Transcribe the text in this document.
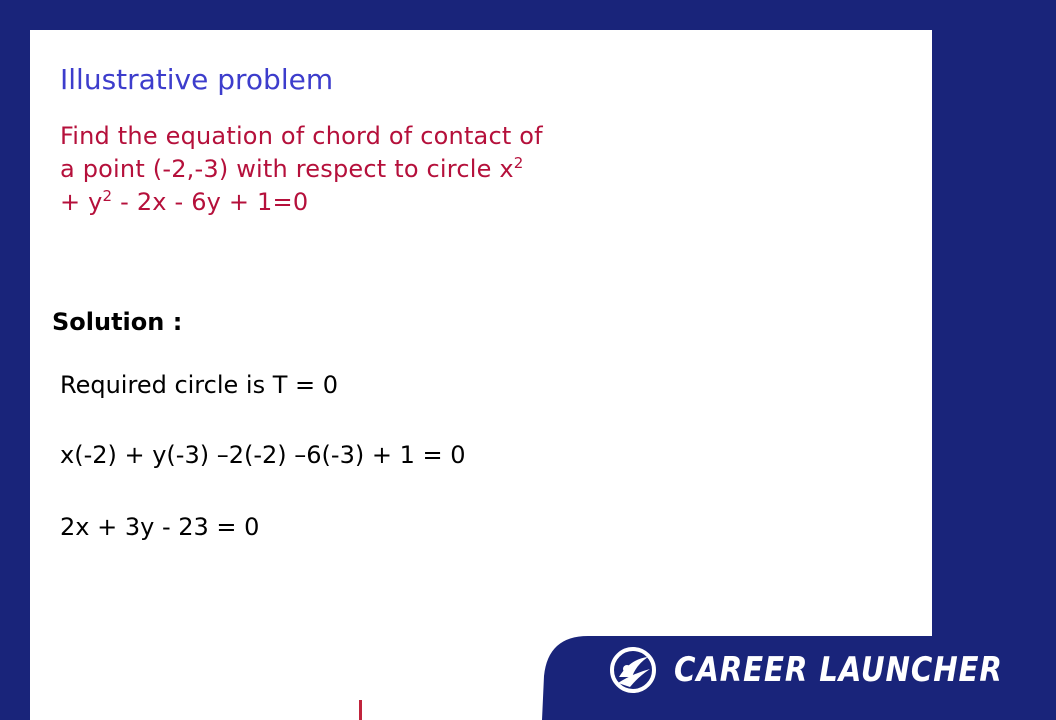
Illustrative problem
Find the equation of chord of contact of
a point (-2,-3) with respect to circle $x^2$
+ $y^2 - 2x - 6y + 1=0$

Solution :

Required circle is T = 0

x(-2) + y(-3) –2(-2) –6(-3) + 1 = 0

2x + 3y - 23 = 0

CAREER LAUNCHER
